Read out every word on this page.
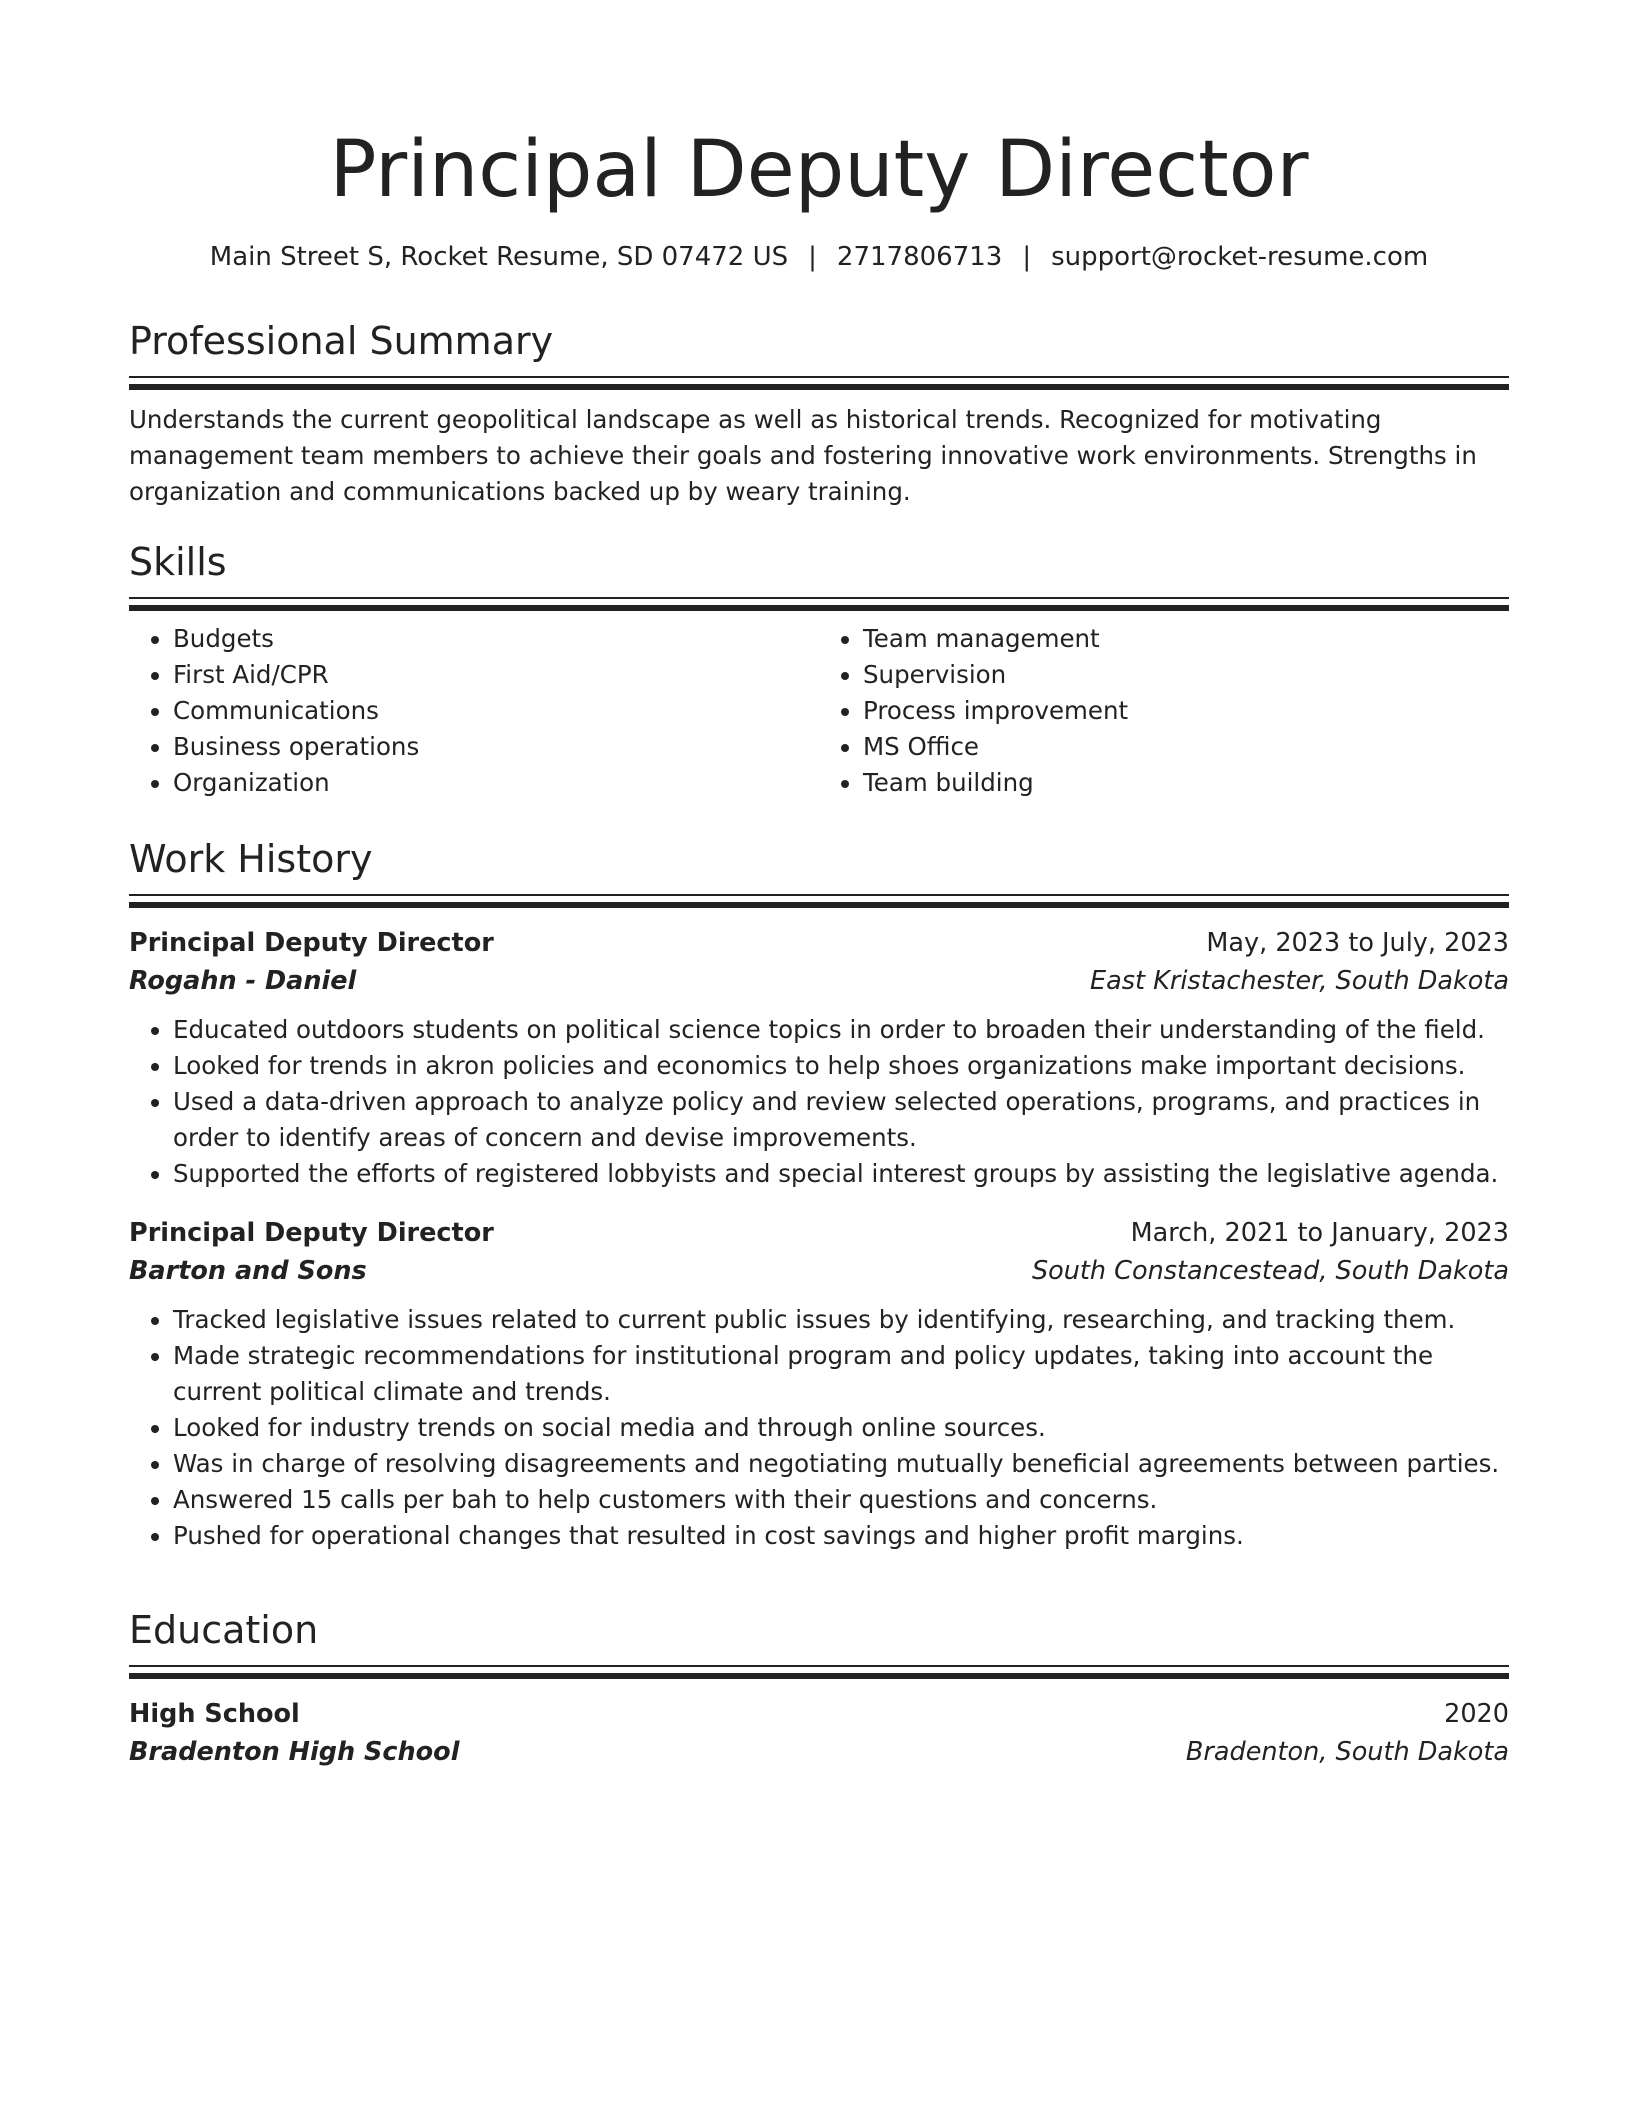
Principal Deputy Director
Main Street S, Rocket Resume, SD 07472 US | 2717806713 | support@rocket-resume.com
Professional Summary

Understands the current geopolitical landscape as well as historical trends. Recognized for motivating management team members to achieve their goals and fostering innovative work environments. Strengths in organization and communications backed up by weary training.

Skills
• Budgets
• First Aid/CPR
• Communications
• Business operations
• Organization
• Team management
• Supervision
• Process improvement
• MS Office
• Team building
Work History
Principal Deputy Director	May, 2023 to July, 2023
Rogahn - Daniel	East Kristachester, South Dakota
• Educated outdoors students on political science topics in order to broaden their understanding of the field.
• Looked for trends in akron policies and economics to help shoes organizations make important decisions.
• Used a data-driven approach to analyze policy and review selected operations, programs, and practices in order to identify areas of concern and devise improvements.
• Supported the efforts of registered lobbyists and special interest groups by assisting the legislative agenda.
Principal Deputy Director	March, 2021 to January, 2023
Barton and Sons	South Constancestead, South Dakota
• Tracked legislative issues related to current public issues by identifying, researching, and tracking them.
• Made strategic recommendations for institutional program and policy updates, taking into account the current political climate and trends.
• Looked for industry trends on social media and through online sources.
• Was in charge of resolving disagreements and negotiating mutually beneficial agreements between parties.
• Answered 15 calls per bah to help customers with their questions and concerns.
• Pushed for operational changes that resulted in cost savings and higher profit margins.
Education
High School	2020
Bradenton High School	Bradenton, South Dakota
